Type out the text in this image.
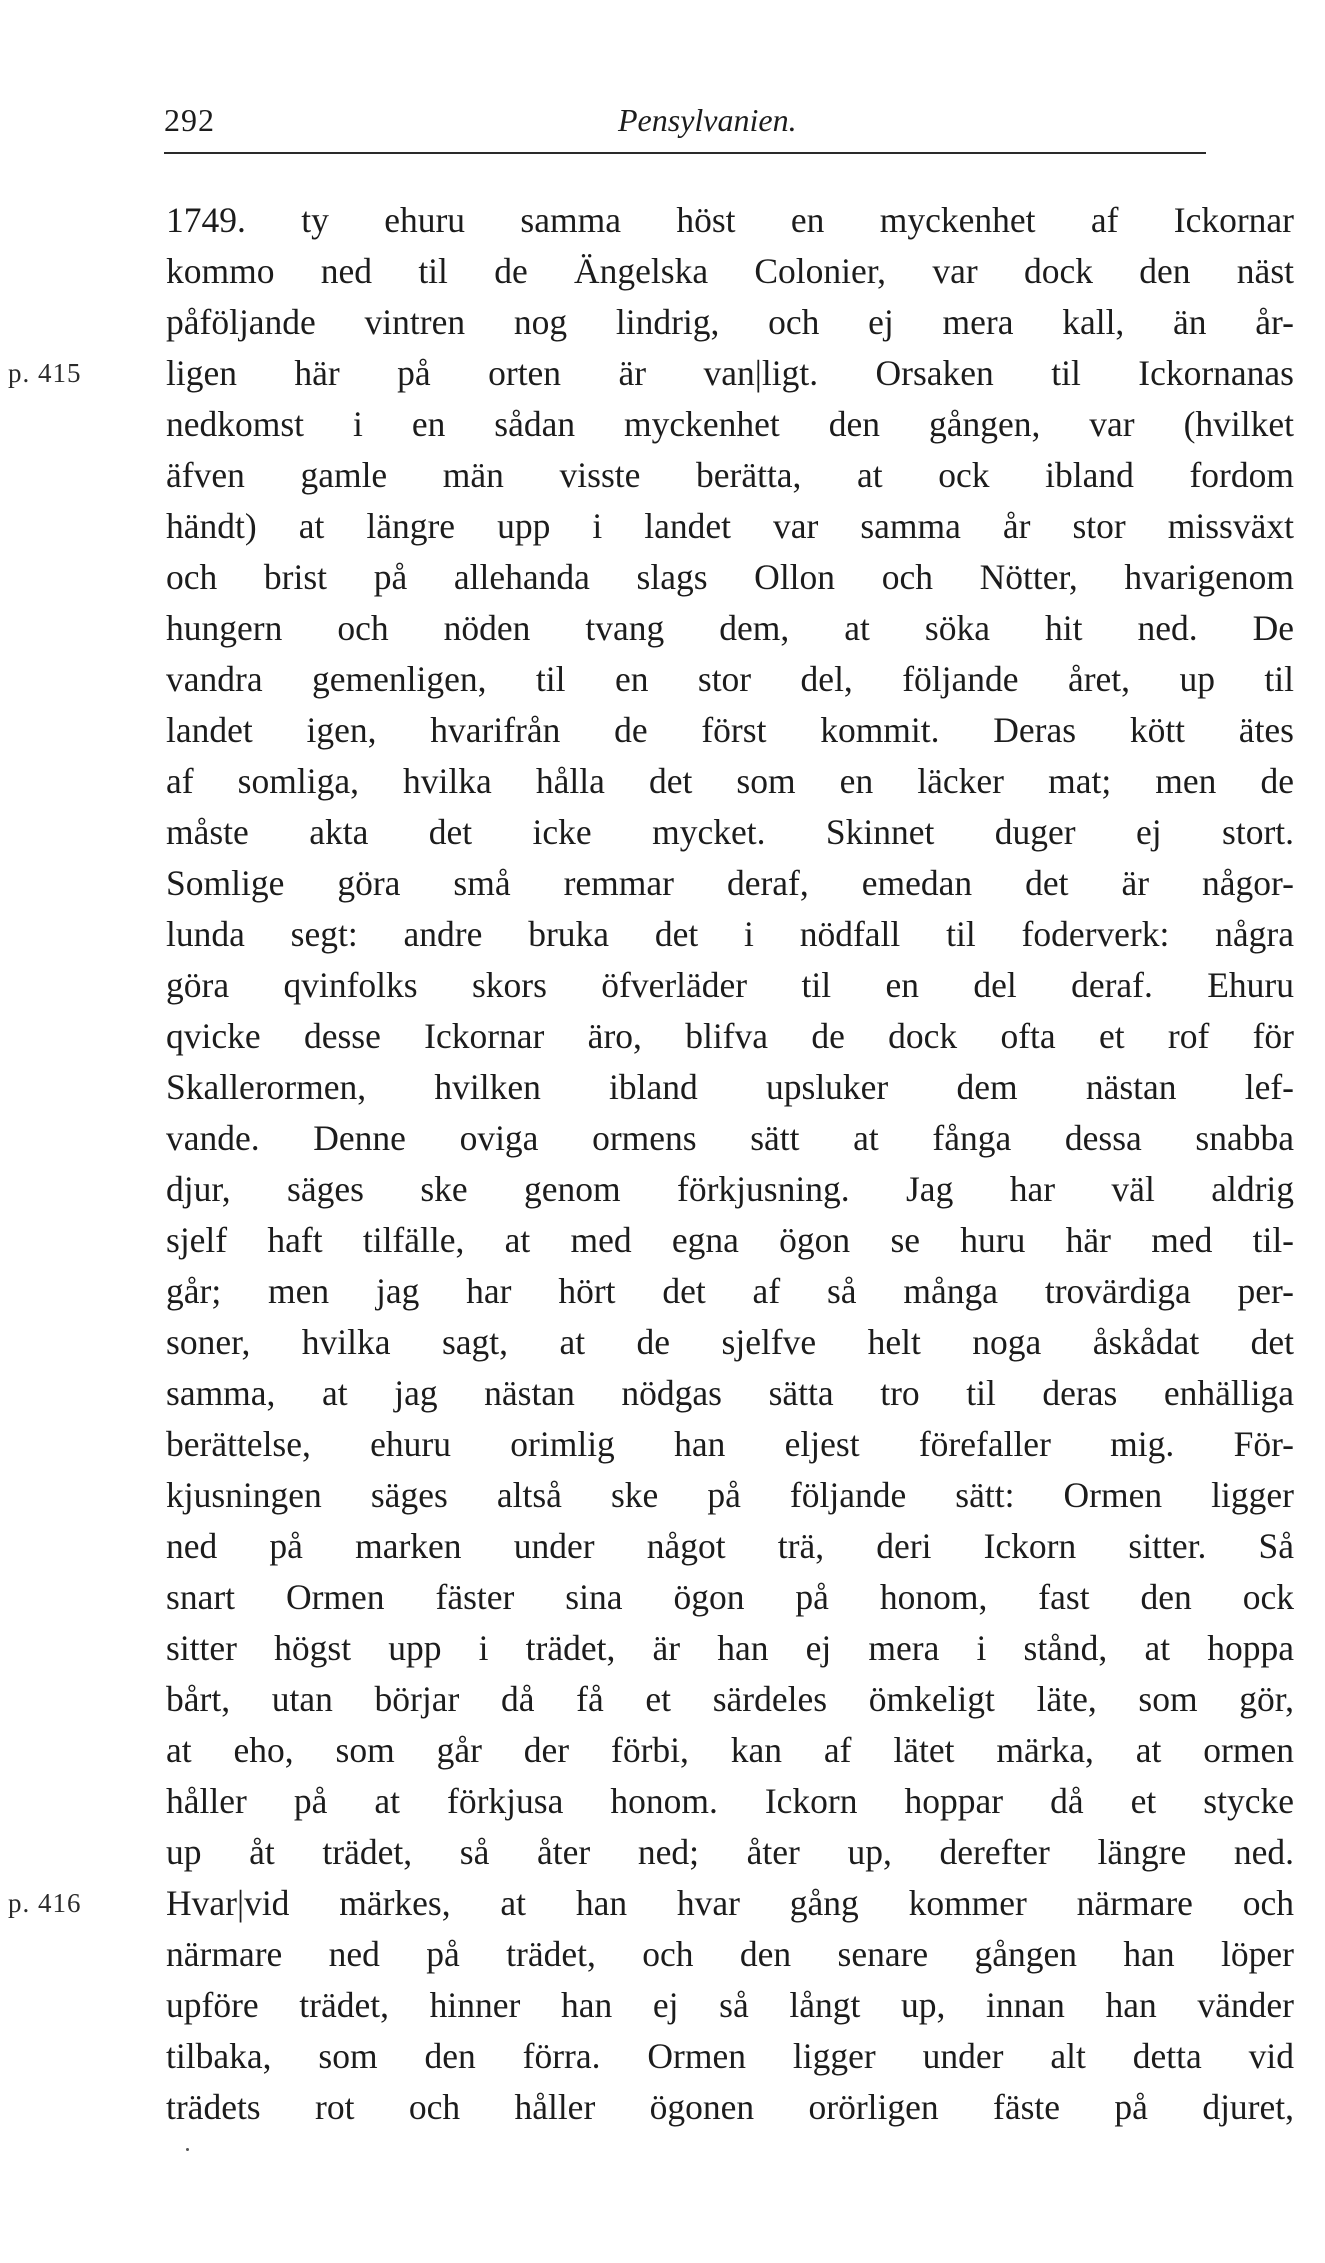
292	Pensylvanien.
1749. ty ehuru samma höst en myckenhet af Ickornar
kommo ned til de Ängelska Colonier, var dock den näst
påföljande vintren nog lindrig, och ej mera kall, än år-
p. 415 ligen här på orten är van|ligt. Orsaken til Ickornanas
nedkomst i en sådan myckenhet den gången, var (hvilket
äfven gamle män visste berätta, at ock ibland fordom
händt) at längre upp i landet var samma år stor missväxt
och brist på allehanda slags Ollon och Nötter, hvarigenom
hungern och nöden tvang dem, at söka hit ned. De
vandra gemenligen, til en stor del, följande året, up til
landet igen, hvarifrån de först kommit. Deras kött ätes
af somliga, hvilka hålla det som en läcker mat; men de
måste akta det icke mycket. Skinnet duger ej stort.
Somlige göra små remmar deraf, emedan det är någor-
lunda segt: andre bruka det i nödfall til foderverk: några
göra qvinfolks skors öfverläder til en del deraf. Ehuru
qvicke desse Ickornar äro, blifva de dock ofta et rof för
Skallerormen, hvilken ibland upsluker dem nästan lef-
vande. Denne oviga ormens sätt at fånga dessa snabba
djur, säges ske genom förkjusning. Jag har väl aldrig
sjelf haft tilfälle, at med egna ögon se huru här med til-
går; men jag har hört det af så många trovärdiga per-
soner, hvilka sagt, at de sjelfve helt noga åskådat det
samma, at jag nästan nödgas sätta tro til deras enhälliga
berättelse, ehuru orimlig han eljest förefaller mig. För-
kjusningen säges altså ske på följande sätt: Ormen ligger
ned på marken under något trä, deri Ickorn sitter. Så
snart Ormen fäster sina ögon på honom, fast den ock
sitter högst upp i trädet, är han ej mera i stånd, at hoppa
bårt, utan börjar då få et särdeles ömkeligt läte, som gör,
at eho, som går der förbi, kan af lätet märka, at ormen
håller på at förkjusa honom. Ickorn hoppar då et stycke
up åt trädet, så åter ned; åter up, derefter längre ned.
p. 416 Hvar|vid märkes, at han hvar gång kommer närmare och
närmare ned på trädet, och den senare gången han löper
upföre trädet, hinner han ej så långt up, innan han vänder
tilbaka, som den förra. Ormen ligger under alt detta vid
trädets rot och håller ögonen orörligen fäste på djuret,
